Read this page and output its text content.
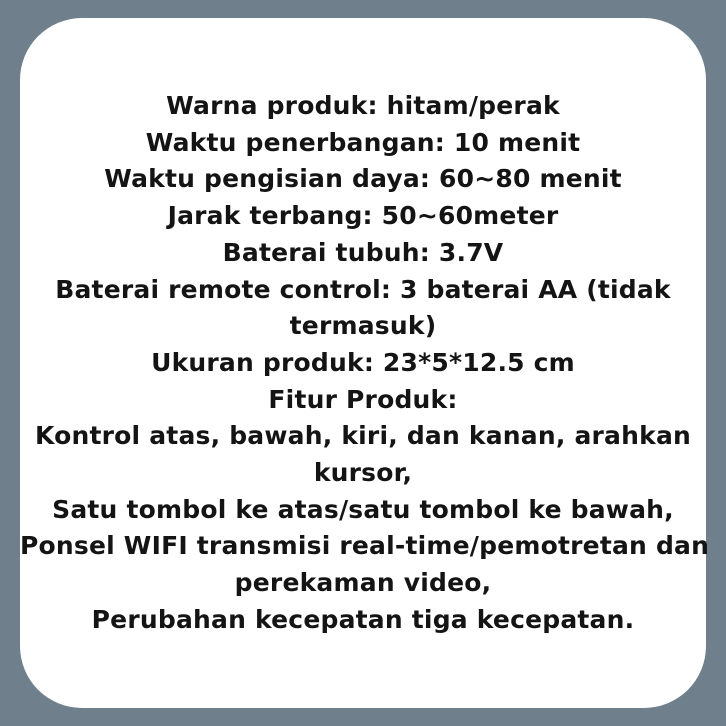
Warna produk: hitam/perak
Waktu penerbangan: 10 menit
Waktu pengisian daya: 60~80 menit
Jarak terbang: 50~60meter
Baterai tubuh: 3.7V
Baterai remote control: 3 baterai AA (tidak
termasuk)
Ukuran produk: 23*5*12.5 cm
Fitur Produk:
Kontrol atas, bawah, kiri, dan kanan, arahkan
kursor,
Satu tombol ke atas/satu tombol ke bawah,
Ponsel WIFI transmisi real-time/pemotretan dan
perekaman video,
Perubahan kecepatan tiga kecepatan.
